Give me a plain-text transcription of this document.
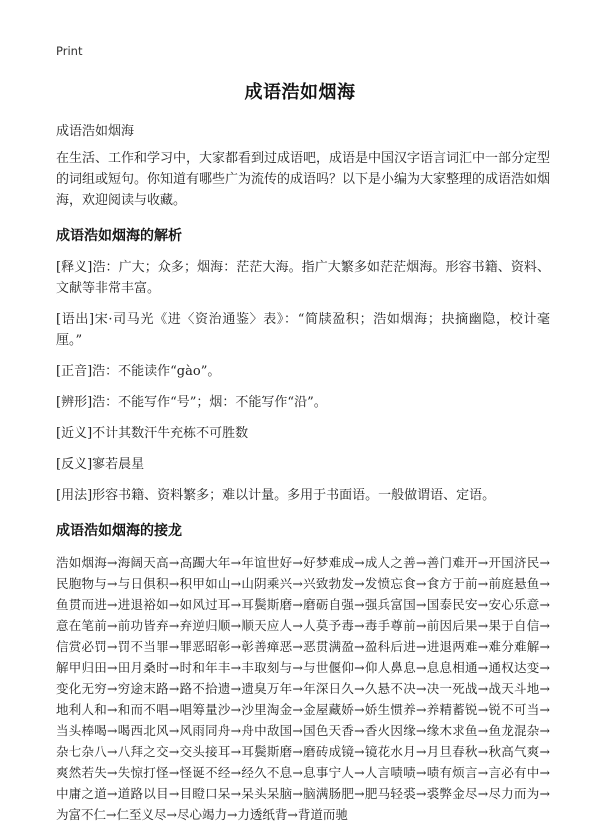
Print
成语浩如烟海
成语浩如烟海

在生活、工作和学习中，大家都看到过成语吧，成语是中国汉字语言词汇中一部分定型的词组或短句。你知道有哪些广为流传的成语吗？以下是小编为大家整理的成语浩如烟海，欢迎阅读与收藏。

成语浩如烟海的解析

[释义]浩：广大；众多；烟海：茫茫大海。指广大繁多如茫茫烟海。形容书籍、资料、文献等非常丰富。

[语出]宋·司马光《进〈资治通鉴〉表》：“简牍盈积；浩如烟海；抉摘幽隐，校计毫厘。”

[正音]浩：不能读作“gào”。

[辨形]浩：不能写作“号”；烟：不能写作“沿”。

[近义]不计其数汗牛充栋不可胜数

[反义]寥若晨星

[用法]形容书籍、资料繁多；难以计量。多用于书面语。一般做谓语、定语。

成语浩如烟海的接龙

浩如烟海→海阔天高→高躅大年→年谊世好→好梦难成→成人之善→善门难开→开国济民→民胞物与→与日俱积→积甲如山→山阴乘兴→兴致勃发→发愤忘食→食方于前→前庭悬鱼→鱼贯而进→进退裕如→如风过耳→耳鬓斯磨→磨砺自强→强兵富国→国泰民安→安心乐意→意在笔前→前功皆弃→弃逆归顺→顺天应人→人莫予毒→毒手尊前→前因后果→果于自信→信赏必罚→罚不当罪→罪恶昭彰→彰善瘅恶→恶贯满盈→盈科后进→进退两难→难分难解→解甲归田→田月桑时→时和年丰→丰取刻与→与世偃仰→仰人鼻息→息息相通→通权达变→变化无穷→穷途末路→路不拾遗→遗臭万年→年深日久→久悬不决→决一死战→战天斗地→地利人和→和而不唱→唱筹量沙→沙里淘金→金屋藏娇→娇生惯养→养精蓄锐→锐不可当→当头棒喝→喝西北风→风雨同舟→舟中敌国→国色天香→香火因缘→缘木求鱼→鱼龙混杂→杂七杂八→八拜之交→交头接耳→耳鬓斯磨→磨砖成镜→镜花水月→月旦春秋→秋高气爽→爽然若失→失惊打怪→怪诞不经→经久不息→息事宁人→人言啧啧→啧有烦言→言必有中→中庸之道→道路以目→目瞪口呆→呆头呆脑→脑满肠肥→肥马轻裘→裘弊金尽→尽力而为→为富不仁→仁至义尽→尽心竭力→力透纸背→背道而驰
